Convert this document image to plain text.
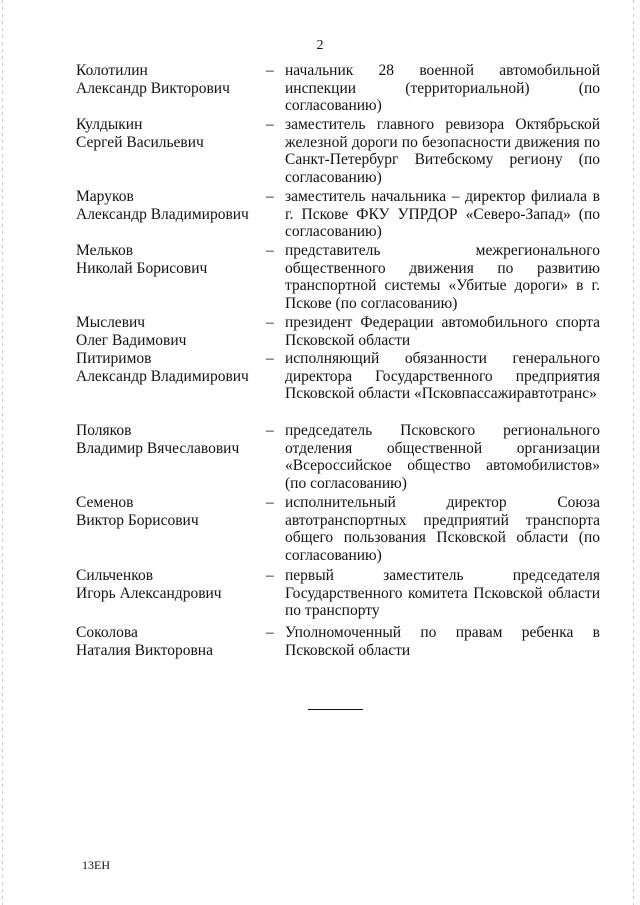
2
Колотилин
Александр Викторович
– начальник 28 военной автомобильной инспекции (территориальной) (по согласованию)
Кулдыкин
Сергей Васильевич
– заместитель главного ревизора Октябрьской железной дороги по безопасности движения по Санкт-Петербург Витебскому региону (по согласованию)
Маруков
Александр Владимирович
– заместитель начальника – директор филиала в г. Пскове ФКУ УПРДОР «Северо-Запад» (по согласованию)
Мельков
Николай Борисович
– представитель межрегионального общественного движения по развитию транспортной системы «Убитые дороги» в г. Пскове (по согласованию)
Мыслевич
Олег Вадимович
– президент Федерации автомобильного спорта Псковской области
Питиримов
Александр Владимирович
– исполняющий обязанности генерального директора Государственного предприятия Псковской области «Псковпассажиравтотранс»
Поляков
Владимир Вячеславович
– председатель Псковского регионального отделения общественной организации «Всероссийское общество автомобилистов» (по согласованию)
Семенов
Виктор Борисович
– исполнительный директор Союза автотранспортных предприятий транспорта общего пользования Псковской области (по согласованию)
Сильченков
Игорь Александрович
– первый заместитель председателя Государственного комитета Псковской области по транспорту
Соколова
Наталия Викторовна
– Уполномоченный по правам ребенка в Псковской области
13ЕН
